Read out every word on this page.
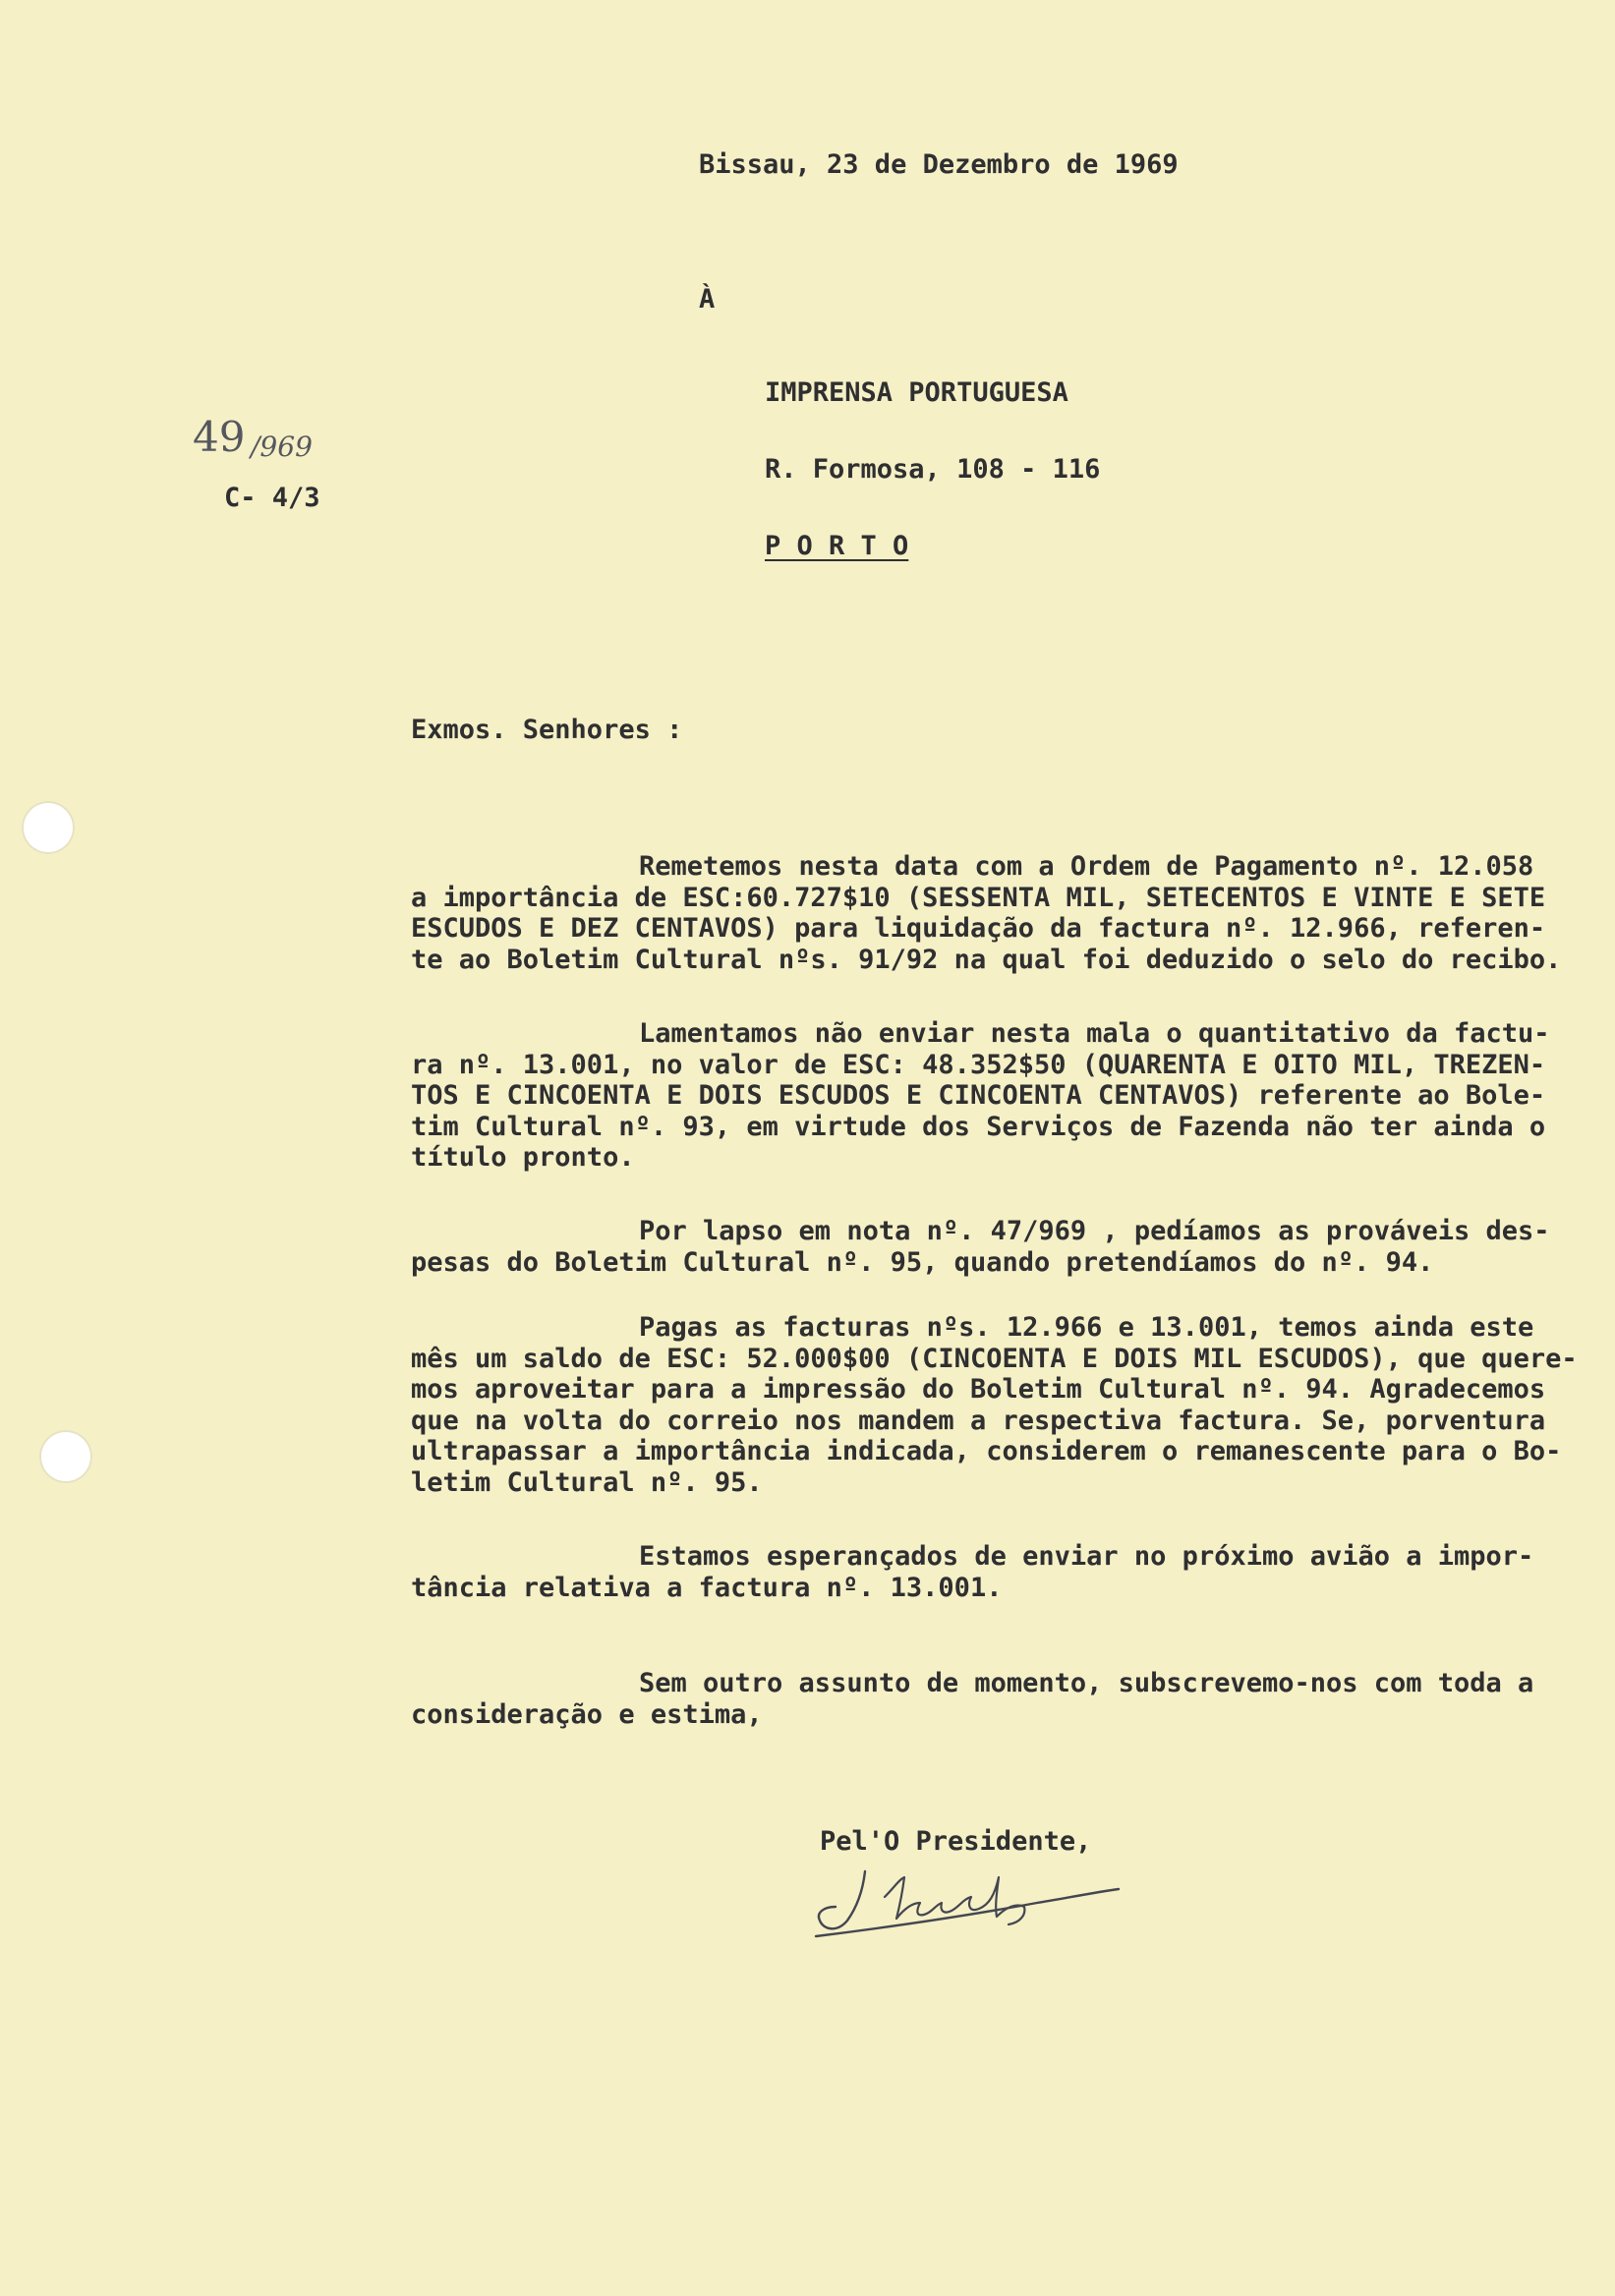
Bissau, 23 de Dezembro de 1969
À
IMPRENSA PORTUGUESA
R. Formosa, 108 - 116
P O R T O
49 /969
C- 4/3
Exmos. Senhores :
Remetemos nesta data com a Ordem de Pagamento nº. 12.058
a importância de ESC:60.727$10 (SESSENTA MIL, SETECENTOS E VINTE E SETE
ESCUDOS E DEZ CENTAVOS) para liquidação da factura nº. 12.966, referen-
te ao Boletim Cultural nºs. 91/92 na qual foi deduzido o selo do recibo.
Lamentamos não enviar nesta mala o quantitativo da factu-
ra nº. 13.001, no valor de ESC: 48.352$50 (QUARENTA E OITO MIL, TREZEN-
TOS E CINCOENTA E DOIS ESCUDOS E CINCOENTA CENTAVOS) referente ao Bole-
tim Cultural nº. 93, em virtude dos Serviços de Fazenda não ter ainda o
título pronto.
Por lapso em nota nº. 47/969 , pedíamos as prováveis des-
pesas do Boletim Cultural nº. 95, quando pretendíamos do nº. 94.
Pagas as facturas nºs. 12.966 e 13.001, temos ainda este
mês um saldo de ESC: 52.000$00 (CINCOENTA E DOIS MIL ESCUDOS), que quere-
mos aproveitar para a impressão do Boletim Cultural nº. 94. Agradecemos
que na volta do correio nos mandem a respectiva factura. Se, porventura
ultrapassar a importância indicada, considerem o remanescente para o Bo-
letim Cultural nº. 95.
Estamos esperançados de enviar no próximo avião a impor-
tância relativa a factura nº. 13.001.
Sem outro assunto de momento, subscrevemo-nos com toda a
consideração e estima,
Pel'O Presidente,
